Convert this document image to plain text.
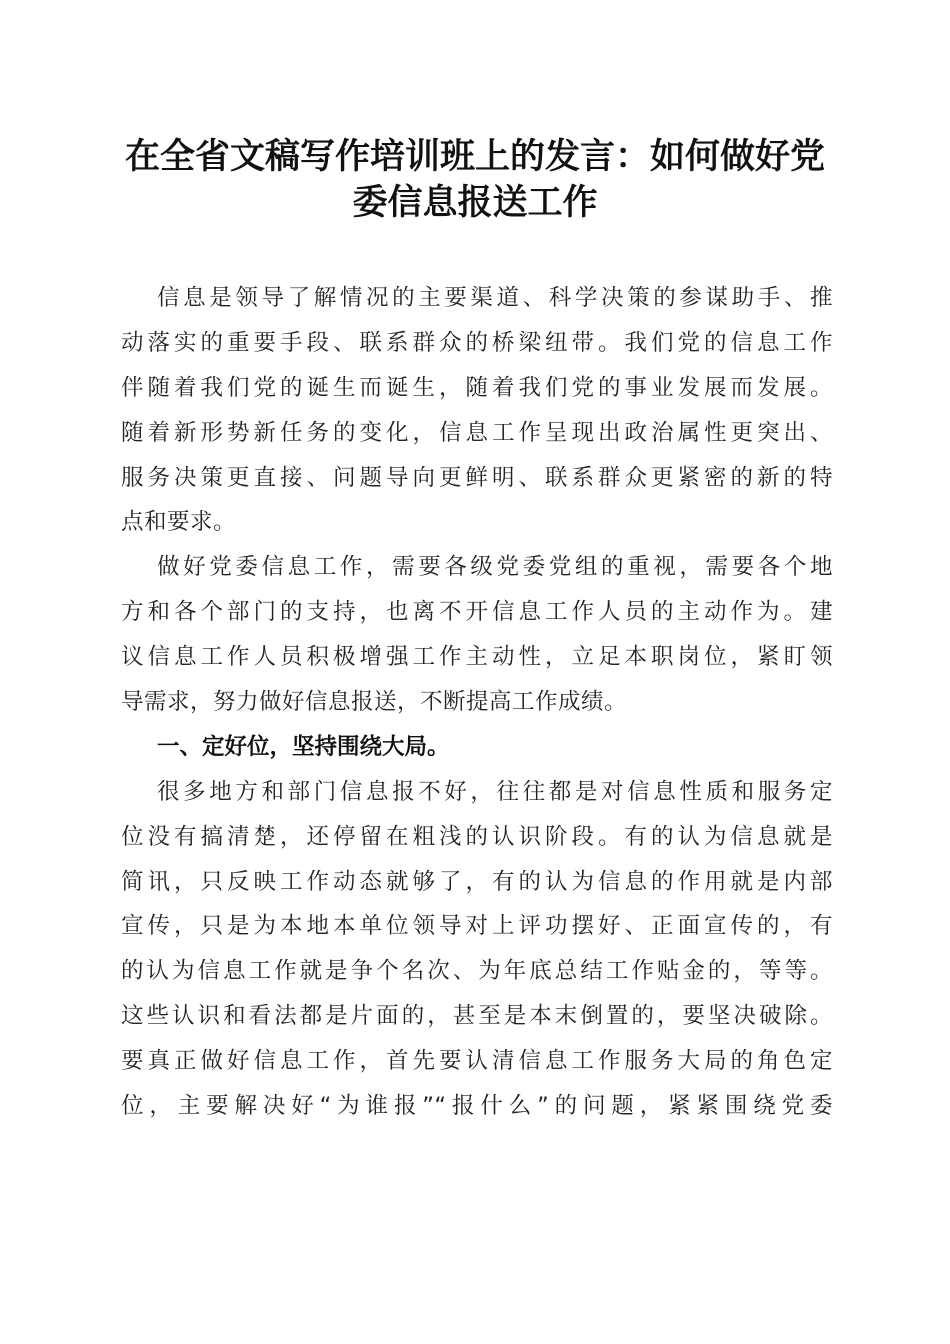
在全省文稿写作培训班上的发言：如何做好党
委信息报送工作
信息是领导了解情况的主要渠道、科学决策的参谋助手、推
动落实的重要手段、联系群众的桥梁纽带。我们党的信息工作
伴随着我们党的诞生而诞生，随着我们党的事业发展而发展。
随着新形势新任务的变化，信息工作呈现出政治属性更突出、
服务决策更直接、问题导向更鲜明、联系群众更紧密的新的特
点和要求。
做好党委信息工作，需要各级党委党组的重视，需要各个地
方和各个部门的支持，也离不开信息工作人员的主动作为。建
议信息工作人员积极增强工作主动性，立足本职岗位，紧盯领
导需求，努力做好信息报送，不断提高工作成绩。
一、定好位，坚持围绕大局。
很多地方和部门信息报不好，往往都是对信息性质和服务定
位没有搞清楚，还停留在粗浅的认识阶段。有的认为信息就是
简讯，只反映工作动态就够了，有的认为信息的作用就是内部
宣传，只是为本地本单位领导对上评功摆好、正面宣传的，有
的认为信息工作就是争个名次、为年底总结工作贴金的，等等。
这些认识和看法都是片面的，甚至是本末倒置的，要坚决破除。
要真正做好信息工作，首先要认清信息工作服务大局的角色定
位，主要解决好“为谁报”“报什么”的问题，紧紧围绕党委
